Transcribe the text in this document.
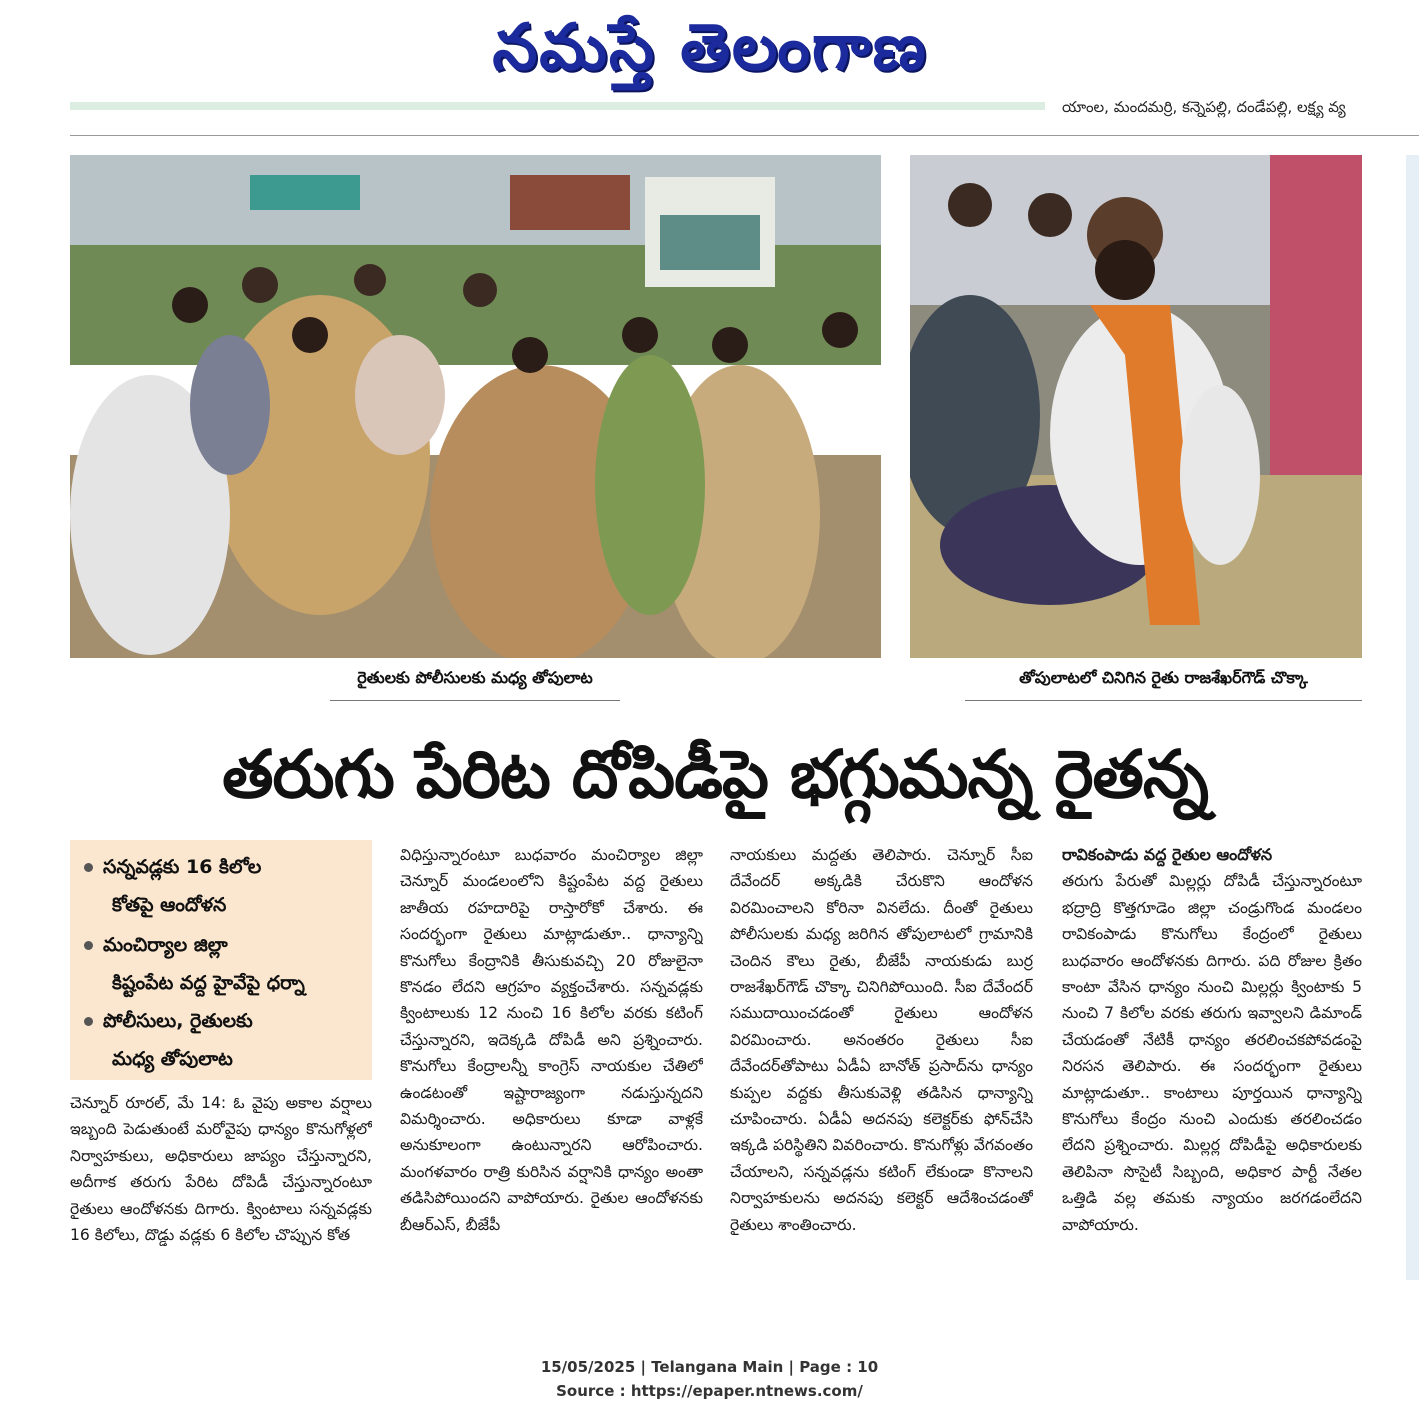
నమస్తే తెలంగాణ
యాంల, మందమర్రి, కన్నెపల్లి, దండేపల్లి, లక్ష్య వ్య
రైతులకు పోలీసులకు మధ్య తోపులాట	తోపులాటలో చినిగిన రైతు రాజశేఖర్‌గౌడ్ చొక్కా
తరుగు పేరిట దోపిడీపై భగ్గుమన్న రైతన్న
సన్నవడ్లకు 16 కిలోల
కోతపై ఆందోళన
మంచిర్యాల జిల్లా
కిష్టంపేట వద్ద హైవేపై ధర్నా
పోలీసులు, రైతులకు
మధ్య తోపులాట

చెన్నూర్ రూరల్, మే 14: ఓ వైపు అకాల వర్షాలు ఇబ్బంది పెడుతుంటే మరోవైపు ధాన్యం కొనుగోళ్లలో నిర్వాహకులు, అధికారులు జాప్యం చేస్తున్నారని, అదీగాక తరుగు పేరిట దోపిడీ చేస్తున్నారంటూ రైతులు ఆందోళనకు దిగారు. క్వింటాలు సన్నవడ్లకు 16 కిలోలు, దొడ్డు వడ్లకు 6 కిలోల చొప్పున కోత

విధిస్తున్నారంటూ బుధవారం మంచిర్యాల జిల్లా చెన్నూర్ మండలంలోని కిష్టంపేట వద్ద రైతులు జాతీయ రహదారిపై రాస్తారోకో చేశారు. ఈ సందర్భంగా రైతులు మాట్లాడుతూ.. ధాన్యాన్ని కొనుగోలు కేంద్రానికి తీసుకువచ్చి 20 రోజులైనా కొనడం లేదని ఆగ్రహం వ్యక్తంచేశారు. సన్నవడ్లకు క్వింటాలుకు 12 నుంచి 16 కిలోల వరకు కటింగ్ చేస్తున్నారని, ఇదెక్కడి దోపిడీ అని ప్రశ్నించారు. కొనుగోలు కేంద్రాలన్నీ కాంగ్రెస్ నాయకుల చేతిలో ఉండటంతో ఇష్టారాజ్యంగా నడుస్తున్నదని విమర్శించారు. అధికారులు కూడా వాళ్లకే అనుకూలంగా ఉంటున్నారని ఆరోపించారు. మంగళవారం రాత్రి కురిసిన వర్షానికి ధాన్యం అంతా తడిసిపోయిందని వాపోయారు. రైతుల ఆందోళనకు బీఆర్ఎస్, బీజేపీ

నాయకులు మద్దతు తెలిపారు. చెన్నూర్ సీఐ దేవేందర్ అక్కడికి చేరుకొని ఆందోళన విరమించాలని కోరినా వినలేదు. దీంతో రైతులు పోలీసులకు మధ్య జరిగిన తోపులాటలో గ్రామానికి చెందిన కౌలు రైతు, బీజేపీ నాయకుడు బుర్ర రాజశేఖర్‌గౌడ్ చొక్కా చినిగిపోయింది. సీఐ దేవేందర్ సముదాయించడంతో రైతులు ఆందోళన విరమించారు. అనంతరం రైతులు సీఐ దేవేందర్‌తోపాటు ఏడీఏ బానోత్ ప్రసాద్‌ను ధాన్యం కుప్పల వద్దకు తీసుకువెళ్లి తడిసిన ధాన్యాన్ని చూపించారు. ఏడీఏ అదనపు కలెక్టర్‌కు ఫోన్‌చేసి ఇక్కడి పరిస్థితిని వివరించారు. కొనుగోళ్లు వేగవంతం చేయాలని, సన్నవడ్లను కటింగ్ లేకుండా కొనాలని నిర్వాహకులను అదనపు కలెక్టర్ ఆదేశించడంతో రైతులు శాంతించారు.

రావికంపాడు వద్ద రైతుల ఆందోళన

తరుగు పేరుతో మిల్లర్లు దోపిడీ చేస్తున్నారంటూ భద్రాద్రి కొత్తగూడెం జిల్లా చండ్రుగొండ మండలం రావికంపాడు కొనుగోలు కేంద్రంలో రైతులు బుధవారం ఆందోళనకు దిగారు. పది రోజుల క్రితం కాంటా వేసిన ధాన్యం నుంచి మిల్లర్లు క్వింటాకు 5 నుంచి 7 కిలోల వరకు తరుగు ఇవ్వాలని డిమాండ్ చేయడంతో నేటికీ ధాన్యం తరలించకపోవడంపై నిరసన తెలిపారు. ఈ సందర్భంగా రైతులు మాట్లాడుతూ.. కాంటాలు పూర్తయిన ధాన్యాన్ని కొనుగోలు కేంద్రం నుంచి ఎందుకు తరలించడం లేదని ప్రశ్నించారు. మిల్లర్ల దోపిడీపై అధికారులకు తెలిపినా సొసైటీ సిబ్బంది, అధికార పార్టీ నేతల ఒత్తిడి వల్ల తమకు న్యాయం జరగడంలేదని వాపోయారు.

15/05/2025 | Telangana Main | Page : 10
Source : https://epaper.ntnews.com/
